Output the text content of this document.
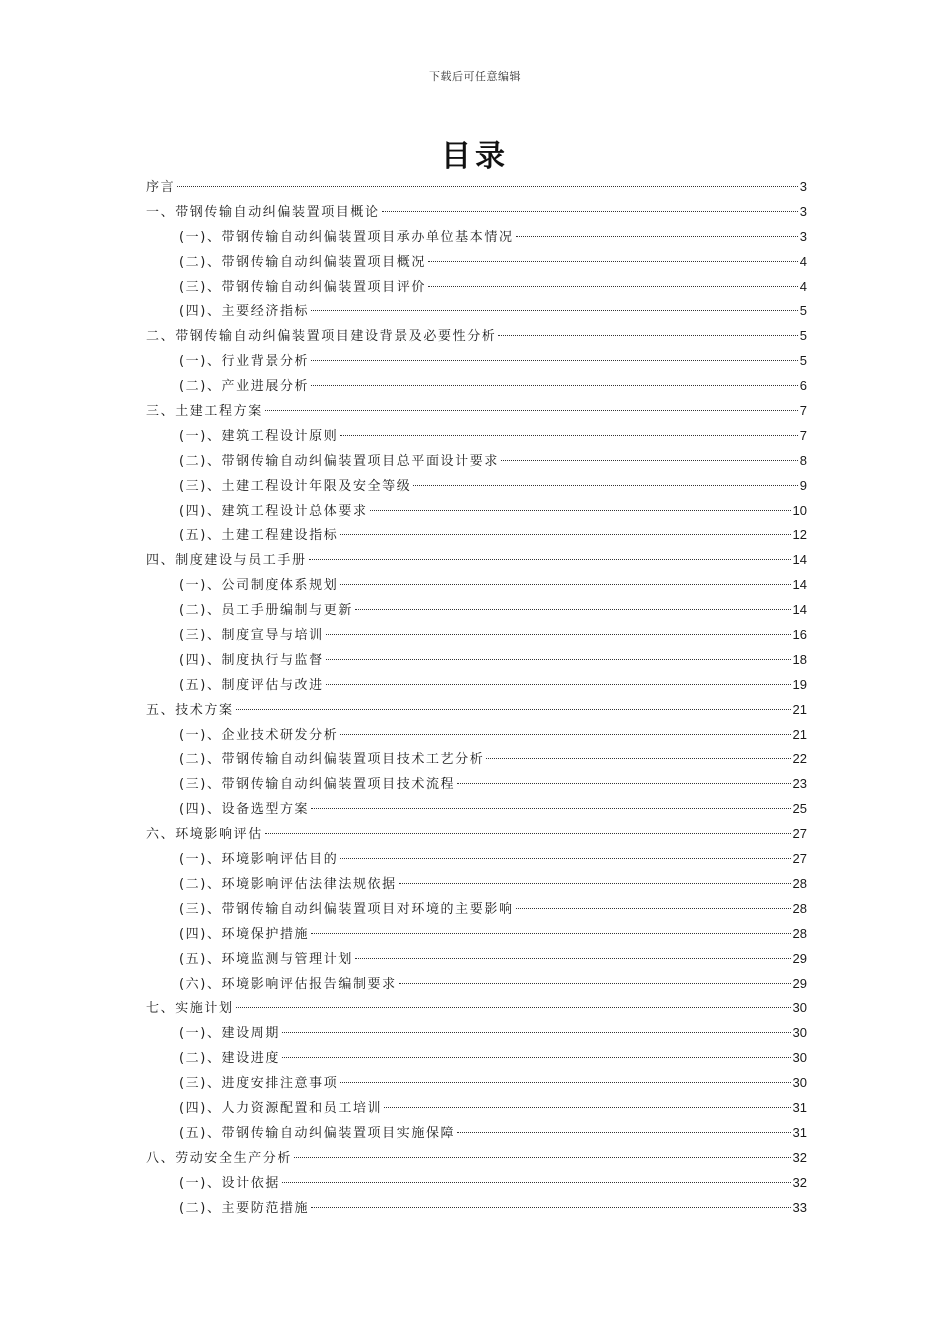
下载后可任意编辑
目录
序言	3
一、带钢传输自动纠偏装置项目概论	3
(一)、带钢传输自动纠偏装置项目承办单位基本情况	3
(二)、带钢传输自动纠偏装置项目概况	4
(三)、带钢传输自动纠偏装置项目评价	4
(四)、主要经济指标	5
二、带钢传输自动纠偏装置项目建设背景及必要性分析	5
(一)、行业背景分析	5
(二)、产业进展分析	6
三、土建工程方案	7
(一)、建筑工程设计原则	7
(二)、带钢传输自动纠偏装置项目总平面设计要求	8
(三)、土建工程设计年限及安全等级	9
(四)、建筑工程设计总体要求	10
(五)、土建工程建设指标	12
四、制度建设与员工手册	14
(一)、公司制度体系规划	14
(二)、员工手册编制与更新	14
(三)、制度宣导与培训	16
(四)、制度执行与监督	18
(五)、制度评估与改进	19
五、技术方案	21
(一)、企业技术研发分析	21
(二)、带钢传输自动纠偏装置项目技术工艺分析	22
(三)、带钢传输自动纠偏装置项目技术流程	23
(四)、设备选型方案	25
六、环境影响评估	27
(一)、环境影响评估目的	27
(二)、环境影响评估法律法规依据	28
(三)、带钢传输自动纠偏装置项目对环境的主要影响	28
(四)、环境保护措施	28
(五)、环境监测与管理计划	29
(六)、环境影响评估报告编制要求	29
七、实施计划	30
(一)、建设周期	30
(二)、建设进度	30
(三)、进度安排注意事项	30
(四)、人力资源配置和员工培训	31
(五)、带钢传输自动纠偏装置项目实施保障	31
八、劳动安全生产分析	32
(一)、设计依据	32
(二)、主要防范措施	33
